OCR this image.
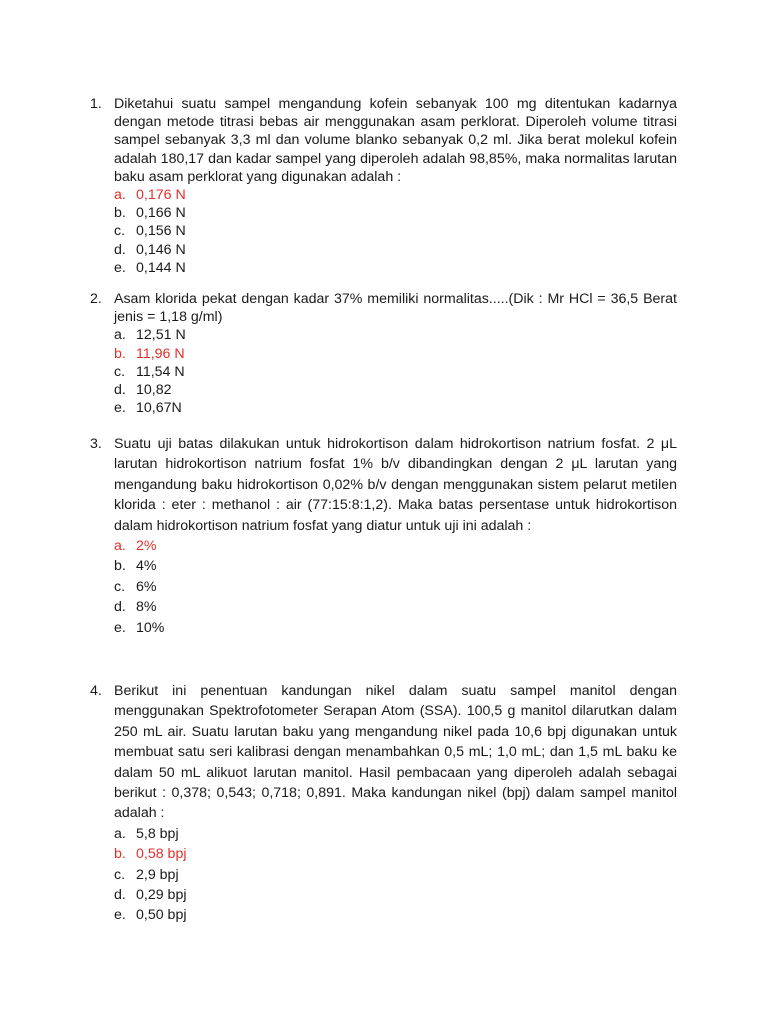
1. Diketahui suatu sampel mengandung kofein sebanyak 100 mg ditentukan kadarnya dengan metode titrasi bebas air menggunakan asam perklorat. Diperoleh volume titrasi sampel sebanyak 3,3 ml dan volume blanko sebanyak 0,2 ml. Jika berat molekul kofein adalah 180,17 dan kadar sampel yang diperoleh adalah 98,85%, maka normalitas larutan baku asam perklorat yang digunakan adalah :

a. 0,176 N
b. 0,166 N
c. 0,156 N
d. 0,146 N
e. 0,144 N
2. Asam klorida pekat dengan kadar 37% memiliki normalitas.....(Dik : Mr HCl = 36,5 Berat jenis = 1,18 g/ml)

a. 12,51 N
b. 11,96 N
c. 11,54 N
d. 10,82
e. 10,67N
3. Suatu uji batas dilakukan untuk hidrokortison dalam hidrokortison natrium fosfat. 2 μL larutan hidrokortison natrium fosfat 1% b/v dibandingkan dengan 2 μL larutan yang mengandung baku hidrokortison 0,02% b/v dengan menggunakan sistem pelarut metilen klorida : eter : methanol : air (77:15:8:1,2). Maka batas persentase untuk hidrokortison dalam hidrokortison natrium fosfat yang diatur untuk uji ini adalah :

a. 2%
b. 4%
c. 6%
d. 8%
e. 10%
4. Berikut ini penentuan kandungan nikel dalam suatu sampel manitol dengan menggunakan Spektrofotometer Serapan Atom (SSA). 100,5 g manitol dilarutkan dalam 250 mL air. Suatu larutan baku yang mengandung nikel pada 10,6 bpj digunakan untuk membuat satu seri kalibrasi dengan menambahkan 0,5 mL; 1,0 mL; dan 1,5 mL baku ke dalam 50 mL alikuot larutan manitol. Hasil pembacaan yang diperoleh adalah sebagai berikut : 0,378; 0,543; 0,718; 0,891. Maka kandungan nikel (bpj) dalam sampel manitol adalah :

a. 5,8 bpj
b. 0,58 bpj
c. 2,9 bpj
d. 0,29 bpj
e. 0,50 bpj
